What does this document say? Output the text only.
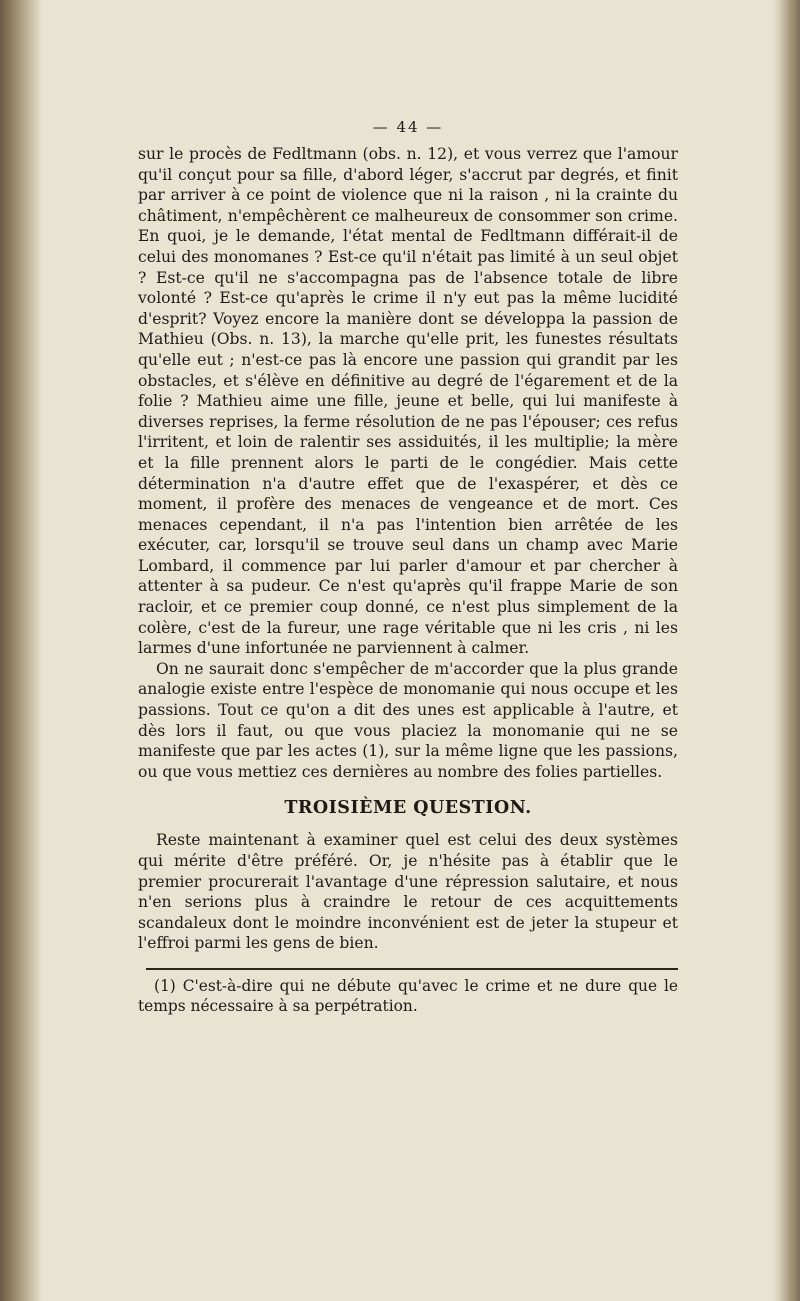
— 44 —

sur le procès de Fedltmann (obs. n. 12), et vous verrez que l'amour qu'il conçut pour sa fille, d'abord léger, s'accrut par degrés, et finit par arriver à ce point de violence que ni la raison , ni la crainte du châtiment, n'empêchèrent ce malheureux de consommer son crime. En quoi, je le demande, l'état mental de Fedltmann différait-il de celui des monomanes ? Est-ce qu'il n'était pas limité à un seul objet ? Est-ce qu'il ne s'accompagna pas de l'absence totale de libre volonté ? Est-ce qu'après le crime il n'y eut pas la même lucidité d'esprit? Voyez encore la manière dont se développa la passion de Mathieu (Obs. n. 13), la marche qu'elle prit, les funestes résultats qu'elle eut ; n'est-ce pas là encore une passion qui grandit par les obstacles, et s'élève en définitive au degré de l'égarement et de la folie ? Mathieu aime une fille, jeune et belle, qui lui manifeste à diverses reprises, la ferme résolution de ne pas l'épouser; ces refus l'irritent, et loin de ralentir ses assiduités, il les multiplie; la mère et la fille prennent alors le parti de le congédier. Mais cette détermination n'a d'autre effet que de l'exaspérer, et dès ce moment, il profère des menaces de vengeance et de mort. Ces menaces cependant, il n'a pas l'intention bien arrêtée de les exécuter, car, lorsqu'il se trouve seul dans un champ avec Marie Lombard, il commence par lui parler d'amour et par chercher à attenter à sa pudeur. Ce n'est qu'après qu'il frappe Marie de son racloir, et ce premier coup donné, ce n'est plus simplement de la colère, c'est de la fureur, une rage véritable que ni les cris , ni les larmes d'une infortunée ne parviennent à calmer.

On ne saurait donc s'empêcher de m'accorder que la plus grande analogie existe entre l'espèce de monomanie qui nous occupe et les passions. Tout ce qu'on a dit des unes est applicable à l'autre, et dès lors il faut, ou que vous placiez la monomanie qui ne se manifeste que par les actes (1), sur la même ligne que les passions, ou que vous mettiez ces dernières au nombre des folies partielles.

TROISIÈME QUESTION.

Reste maintenant à examiner quel est celui des deux systèmes qui mérite d'être préféré. Or, je n'hésite pas à établir que le premier procurerait l'avantage d'une répression salutaire, et nous n'en serions plus à craindre le retour de ces acquittements scandaleux dont le moindre inconvénient est de jeter la stupeur et l'effroi parmi les gens de bien.

(1) C'est-à-dire qui ne débute qu'avec le crime et ne dure que le temps nécessaire à sa perpétration.
